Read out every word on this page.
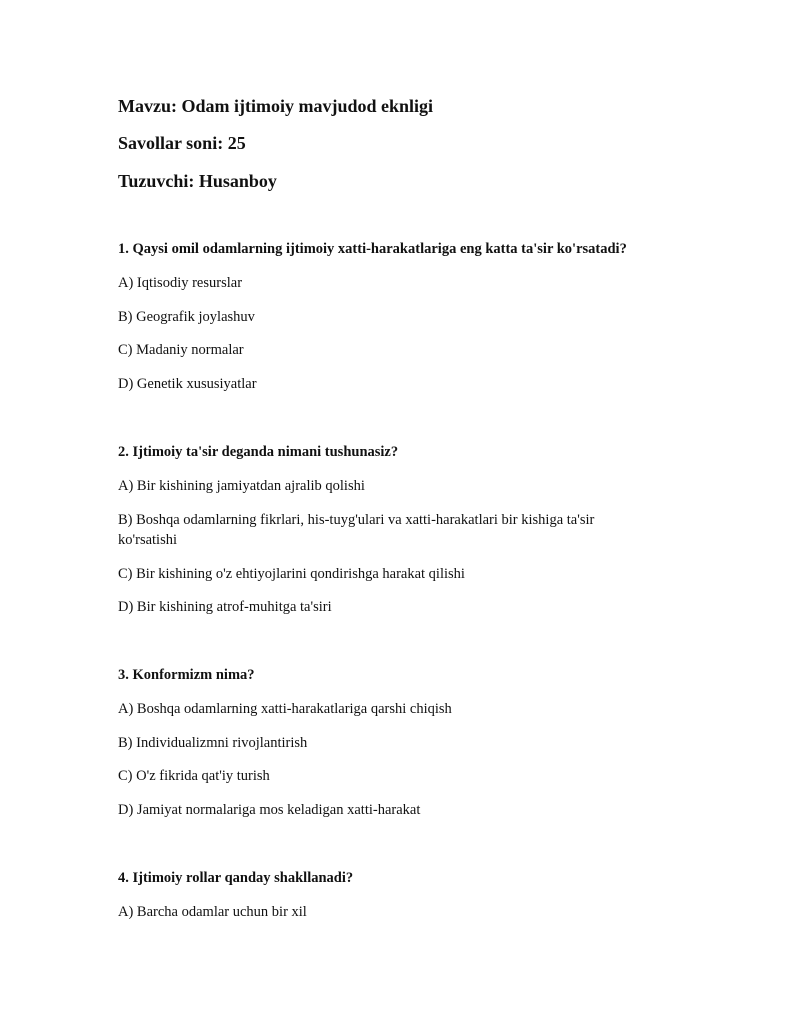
Mavzu: Odam ijtimoiy mavjudod eknligi
Savollar soni: 25
Tuzuvchi: Husanboy
1. Qaysi omil odamlarning ijtimoiy xatti-harakatlariga eng katta ta'sir ko'rsatadi?
A) Iqtisodiy resurslar
B) Geografik joylashuv
C) Madaniy normalar
D) Genetik xususiyatlar
2. Ijtimoiy ta'sir deganda nimani tushunasiz?
A) Bir kishining jamiyatdan ajralib qolishi
B) Boshqa odamlarning fikrlari, his-tuyg'ulari va xatti-harakatlari bir kishiga ta'sir ko'rsatishi
C) Bir kishining o'z ehtiyojlarini qondirishga harakat qilishi
D) Bir kishining atrof-muhitga ta'siri
3. Konformizm nima?
A) Boshqa odamlarning xatti-harakatlariga qarshi chiqish
B) Individualizmni rivojlantirish
C) O'z fikrida qat'iy turish
D) Jamiyat normalariga mos keladigan xatti-harakat
4. Ijtimoiy rollar qanday shakllanadi?
A) Barcha odamlar uchun bir xil
